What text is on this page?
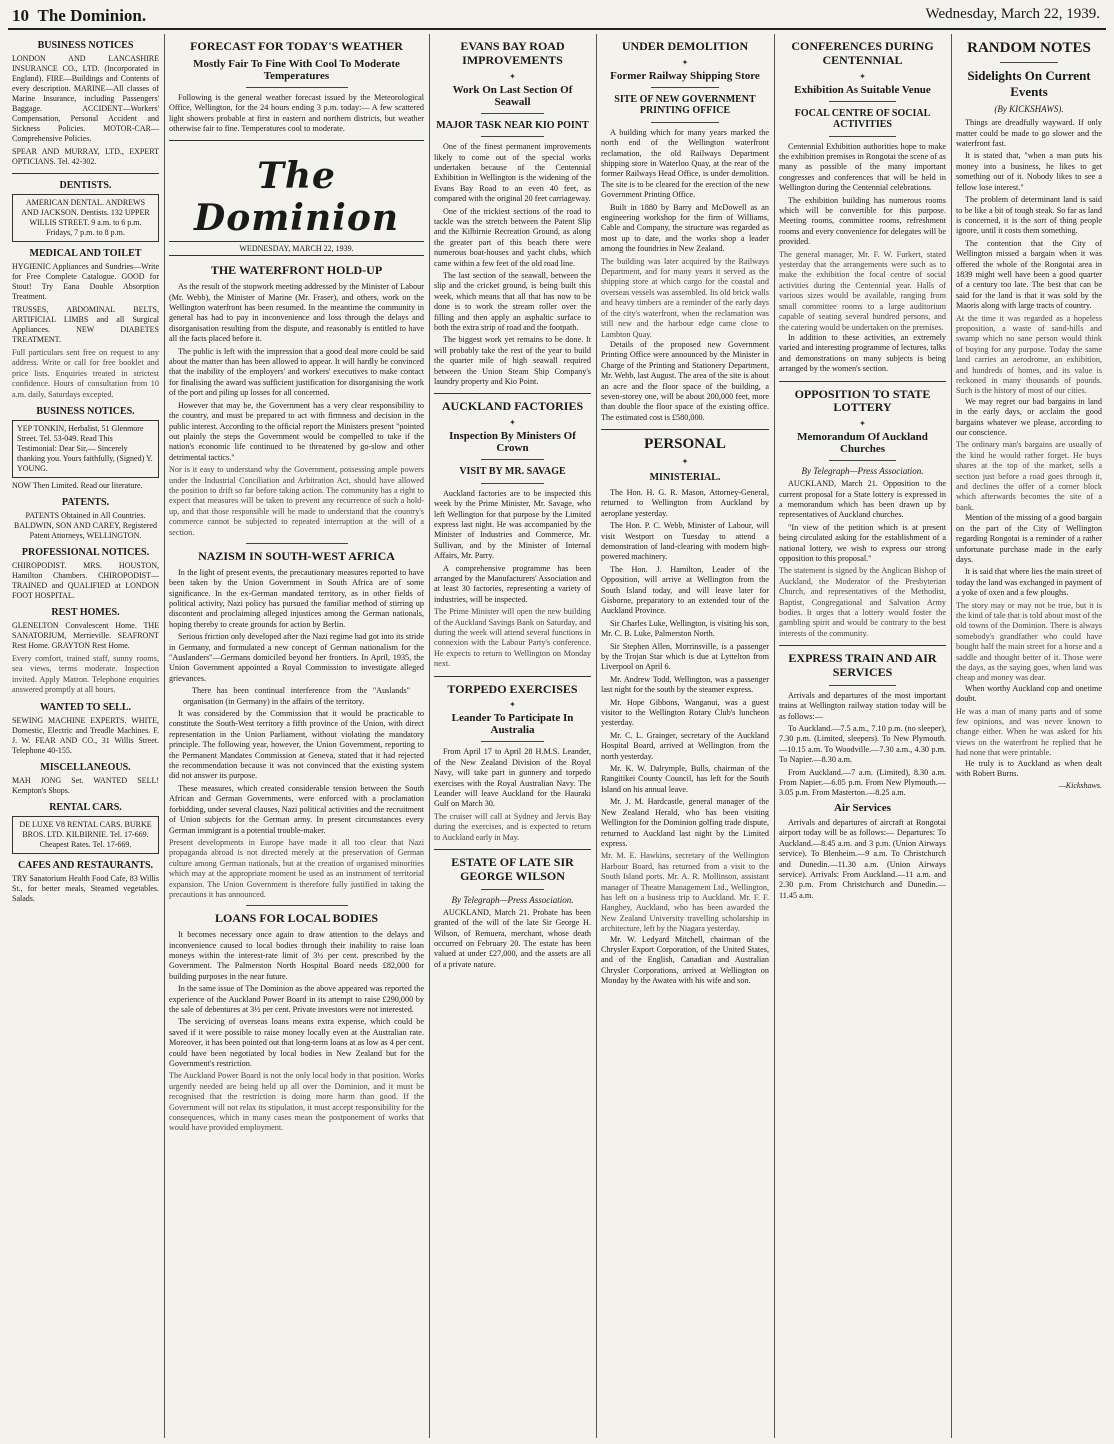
10 The Dominion.	Wednesday, March 22, 1939.
BUSINESS NOTICES
LONDON AND LANCASHIRE INSURANCE CO., LTD. (Incorporated in England). FIRE—Buildings and Contents of every description. MARINE—All classes of Marine Insurance, including Passengers' Baggage. ACCIDENT—Workers' Compensation, Personal Accident and Sickness Policies. MOTOR-CAR—Comprehensive Policies.
SPEAR AND MURRAY, LTD., EXPERT OPTICIANS. Tel. 42-302.
DENTISTS.
AMERICAN DENTAL. ANDREWS AND JACKSON. Dentists. 132 UPPER WILLIS STREET. 9 a.m. to 6 p.m. Fridays, 7 p.m. to 8 p.m.
MEDICAL AND TOILET
HYGIENIC Appliances and Sundries—Write for Free Complete Catalogue. GOOD for Stout! Try Eana Double Absorption Treatment.
TRUSSES, ABDOMINAL BELTS, ARTIFICIAL LIMBS and all Surgical Appliances. NEW DIABETES TREATMENT.
Full particulars sent free on request to any address. Write or call for free booklet and price lists. Enquiries treated in strictest confidence. Hours of consultation from 10 a.m. daily, Saturdays excepted.
BUSINESS NOTICES.
YEP TONKIN, Herbalist, 51 Glenmore Street. Tel. 53-049. Read This Testimonial: Dear Sir,— Sincerely thanking you. Yours faithfully, (Signed) Y. YOUNG.
NOW Then Limited. Read our literature.
PATENTS.
PATENTS Obtained in All Countries. BALDWIN, SON AND CAREY, Registered Patent Attorneys, WELLINGTON.
PROFESSIONAL NOTICES.
CHIROPODIST. MRS. HOUSTON, Hamilton Chambers. CHIROPODIST—TRAINED and QUALIFIED at LONDON FOOT HOSPITAL.
REST HOMES.
GLENELTON Convalescent Home. THE SANATORIUM, Merrieville. SEAFRONT Rest Home. GRAYTON Rest Home.
Every comfort, trained staff, sunny rooms, sea views, terms moderate. Inspection invited. Apply Matron. Telephone enquiries answered promptly at all hours.
WANTED TO SELL.
SEWING MACHINE EXPERTS. WHITE, Domestic, Electric and Treadle Machines. F. J. W. FEAR AND CO., 31 Willis Street. Telephone 40-155.
MISCELLANEOUS.
MAH JONG Set. WANTED SELL! Kempton's Shops.
RENTAL CARS.
DE LUXE V8 RENTAL CARS. BURKE BROS. LTD. KILBIRNIE. Tel. 17-669. Cheapest Rates. Tel. 17-669.
CAFES AND RESTAURANTS.
TRY Sanatorium Health Food Cafe, 83 Willis St., for better meals, Steamed vegetables. Salads.
FORECAST FOR TODAY'S WEATHER
Mostly Fair To Fine With Cool To Moderate Temperatures

Following is the general weather forecast issued by the Meteorological Office, Wellington, for the 24 hours ending 3 p.m. today:— A few scattered light showers probable at first in eastern and northern districts, but weather otherwise fair to fine. Temperatures cool to moderate.

The Dominion
WEDNESDAY, MARCH 22, 1939.
THE WATERFRONT HOLD-UP

As the result of the stopwork meeting addressed by the Minister of Labour (Mr. Webb), the Minister of Marine (Mr. Fraser), and others, work on the Wellington waterfront has been resumed. In the meantime the community in general has had to pay in inconvenience and loss through the delays and disorganisation resulting from the dispute, and reasonably is entitled to have all the facts placed before it.

The public is left with the impression that a good deal more could be said about the matter than has been allowed to appear. It will hardly be convinced that the inability of the employers' and workers' executives to make contact for finalising the award was sufficient justification for disorganising the work of the port and piling up losses for all concerned.

However that may be, the Government has a very clear responsibility to the country, and must be prepared to act with firmness and decision in the public interest. According to the official report the Ministers present "pointed out plainly the steps the Government would be compelled to take if the nation's economic life continued to be threatened by go-slow and other detrimental tactics."

Nor is it easy to understand why the Government, possessing ample powers under the Industrial Conciliation and Arbitration Act, should have allowed the position to drift so far before taking action. The community has a right to expect that measures will be taken to prevent any recurrence of such a hold-up, and that those responsible will be made to understand that the country's commerce cannot be subjected to repeated interruption at the will of a section.
NAZISM IN SOUTH-WEST AFRICA

In the light of present events, the precautionary measures reported to have been taken by the Union Government in South Africa are of some significance. In the ex-German mandated territory, as in other fields of political activity, Nazi policy has pursued the familiar method of stirring up discontent and proclaiming alleged injustices among the German nationals, hoping thereby to create grounds for action by Berlin.

Serious friction only developed after the Nazi regime had got into its stride in Germany, and formulated a new concept of German nationalism for the "Auslanders"—Germans domiciled beyond her frontiers. In April, 1935, the Union Government appointed a Royal Commission to investigate alleged grievances.

There has been continual interference from the "Auslands" organisation (in Germany) in the affairs of the territory.

It was considered by the Commission that it would be practicable to constitute the South-West territory a fifth province of the Union, with direct representation in the Union Parliament, without violating the mandatory principle. The following year, however, the Union Government, reporting to the Permanent Mandates Commission at Geneva, stated that it had rejected the recommendation because it was not convinced that the existing system did not answer its purpose.

These measures, which created considerable tension between the South African and German Governments, were enforced with a proclamation forbidding, under several clauses, Nazi political activities and the recruitment of Union subjects for the German army. In present circumstances every German immigrant is a potential trouble-maker.

Present developments in Europe have made it all too clear that Nazi propaganda abroad is not directed merely at the preservation of German culture among German nationals, but at the creation of organised minorities which may at the appropriate moment be used as an instrument of territorial expansion. The Union Government is therefore fully justified in taking the precautions it has announced.
LOANS FOR LOCAL BODIES

It becomes necessary once again to draw attention to the delays and inconvenience caused to local bodies through their inability to raise loan moneys within the interest-rate limit of 3½ per cent. prescribed by the Government. The Palmerston North Hospital Board needs £82,000 for building purposes in the near future.

In the same issue of The Dominion as the above appeared was reported the experience of the Auckland Power Board in its attempt to raise £290,000 by the sale of debentures at 3½ per cent. Private investors were not interested.

The servicing of overseas loans means extra expense, which could be saved if it were possible to raise money locally even at the Australian rate. Moreover, it has been pointed out that long-term loans at as low as 4 per cent. could have been negotiated by local bodies in New Zealand but for the Government's restriction.

The Auckland Power Board is not the only local body in that position. Works urgently needed are being held up all over the Dominion, and it must be recognised that the restriction is doing more harm than good. If the Government will not relax its stipulation, it must accept responsibility for the consequences, which in many cases mean the postponement of works that would have provided employment.
EVANS BAY ROAD IMPROVEMENTS
✦
Work On Last Section Of Seawall
MAJOR TASK NEAR KIO POINT

One of the finest permanent improvements likely to come out of the special works undertaken because of the Centennial Exhibition in Wellington is the widening of the Evans Bay Road to an even 40 feet, as compared with the original 20 feet carriageway.

One of the trickiest sections of the road to tackle was the stretch between the Patent Slip and the Kilbirnie Recreation Ground, as along the greater part of this beach there were numerous boat-houses and yacht clubs, which came within a few feet of the old road line.

The last section of the seawall, between the slip and the cricket ground, is being built this week, which means that all that has now to be done is to work the stream roller over the filling and then apply an asphaltic surface to both the extra strip of road and the footpath.

The biggest work yet remains to be done. It will probably take the rest of the year to build the quarter mile of high seawall required between the Union Steam Ship Company's laundry property and Kio Point.

AUCKLAND FACTORIES
✦
Inspection By Ministers Of Crown
VISIT BY MR. SAVAGE

Auckland factories are to be inspected this week by the Prime Minister, Mr. Savage, who left Wellington for that purpose by the Limited express last night. He was accompanied by the Minister of Industries and Commerce, Mr. Sullivan, and by the Minister of Internal Affairs, Mr. Parry.

A comprehensive programme has been arranged by the Manufacturers' Association and at least 30 factories, representing a variety of industries, will be inspected.

The Prime Minister will open the new building of the Auckland Savings Bank on Saturday, and during the week will attend several functions in connexion with the Labour Party's conference. He expects to return to Wellington on Monday next.
TORPEDO EXERCISES
✦
Leander To Participate In Australia

From April 17 to April 28 H.M.S. Leander, of the New Zealand Division of the Royal Navy, will take part in gunnery and torpedo exercises with the Royal Australian Navy. The Leander will leave Auckland for the Hauraki Gulf on March 30.

The cruiser will call at Sydney and Jervis Bay during the exercises, and is expected to return to Auckland early in May.
ESTATE OF LATE SIR GEORGE WILSON
By Telegraph—Press Association.

AUCKLAND, March 21. Probate has been granted of the will of the late Sir George H. Wilson, of Remuera, merchant, whose death occurred on February 20. The estate has been valued at under £27,000, and the assets are all of a private nature.

UNDER DEMOLITION
✦
Former Railway Shipping Store
SITE OF NEW GOVERNMENT PRINTING OFFICE

A building which for many years marked the north end of the Wellington waterfront reclamation, the old Railways Department shipping store in Waterloo Quay, at the rear of the former Railways Head Office, is under demolition. The site is to be cleared for the erection of the new Government Printing Office.

Built in 1880 by Barry and McDowell as an engineering workshop for the firm of Williams, Cable and Company, the structure was regarded as most up to date, and the works shop a leader among the foundries in New Zealand.

The building was later acquired by the Railways Department, and for many years it served as the shipping store at which cargo for the coastal and overseas vessels was assembled. Its old brick walls and heavy timbers are a reminder of the early days of the city's waterfront, when the reclamation was still new and the harbour edge came close to Lambton Quay.

Details of the proposed new Government Printing Office were announced by the Minister in Charge of the Printing and Stationery Department, Mr. Webb, last August. The area of the site is about an acre and the floor space of the building, a seven-storey one, will be about 200,000 feet, more than double the floor space of the existing office. The estimated cost is £580,000.

PERSONAL
✦
MINISTERIAL.

The Hon. H. G. R. Mason, Attorney-General, returned to Wellington from Auckland by aeroplane yesterday.

The Hon. P. C. Webb, Minister of Labour, will visit Westport on Tuesday to attend a demonstration of land-clearing with modern high-powered machinery.

The Hon. J. Hamilton, Leader of the Opposition, will arrive at Wellington from the South Island today, and will leave later for Gisborne, preparatory to an extended tour of the Auckland Province.

Sir Charles Luke, Wellington, is visiting his son, Mr. C. B. Luke, Palmerston North.

Sir Stephen Allen, Morrinsville, is a passenger by the Trojan Star which is due at Lyttelton from Liverpool on April 6.

Mr. Andrew Todd, Wellington, was a passenger last night for the south by the steamer express.

Mr. Hope Gibbons, Wanganui, was a guest visitor to the Wellington Rotary Club's luncheon yesterday.

Mr. C. L. Grainger, secretary of the Auckland Hospital Board, arrived at Wellington from the north yesterday.

Mr. K. W. Dalrymple, Bulls, chairman of the Rangitikei County Council, has left for the South Island on his annual leave.

Mr. J. M. Hardcastle, general manager of the New Zealand Herald, who has been visiting Wellington for the Dominion golfing trade dispute, returned to Auckland last night by the Limited express.

Mr. M. E. Hawkins, secretary of the Wellington Harbour Board, has returned from a visit to the South Island ports. Mr. A. R. Mollinson, assistant manager of Theatre Management Ltd., Wellington, has left on a business trip to Auckland. Mr. F. F. Hanghey, Auckland, who has been awarded the New Zealand University travelling scholarship in architecture, left by the Niagara yesterday.

Mr. W. Ledyard Mitchell, chairman of the Chrysler Export Corporation, of the United States, and of the English, Canadian and Australian Chrysler Corporations, arrived at Wellington on Monday by the Awatea with his wife and son.

CONFERENCES DURING CENTENNIAL
✦
Exhibition As Suitable Venue
FOCAL CENTRE OF SOCIAL ACTIVITIES

Centennial Exhibition authorities hope to make the exhibition premises in Rongotai the scene of as many as possible of the many important congresses and conferences that will be held in Wellington during the Centennial celebrations.

The exhibition building has numerous rooms which will be convertible for this purpose. Meeting rooms, committee rooms, refreshment rooms and every convenience for delegates will be provided.

The general manager, Mr. F. W. Furkert, stated yesterday that the arrangements were such as to make the exhibition the focal centre of social activities during the Centennial year. Halls of various sizes would be available, ranging from small committee rooms to a large auditorium capable of seating several hundred persons, and the catering would be undertaken on the premises.

In addition to these activities, an extremely varied and interesting programme of lectures, talks and demonstrations on many subjects is being arranged by the women's section.

OPPOSITION TO STATE LOTTERY
✦
Memorandum Of Auckland Churches
By Telegraph—Press Association.

AUCKLAND, March 21. Opposition to the current proposal for a State lottery is expressed in a memorandum which has been drawn up by representatives of Auckland churches.

"In view of the petition which is at present being circulated asking for the establishment of a national lottery, we wish to express our strong opposition to this proposal."

The statement is signed by the Anglican Bishop of Auckland, the Moderator of the Presbyterian Church, and representatives of the Methodist, Baptist, Congregational and Salvation Army bodies. It urges that a lottery would foster the gambling spirit and would be contrary to the best interests of the community.
EXPRESS TRAIN AND AIR SERVICES

Arrivals and departures of the most important trains at Wellington railway station today will be as follows:—

To Auckland.—7.5 a.m., 7.10 p.m. (no sleeper), 7.30 p.m. (Limited, sleepers). To New Plymouth.—10.15 a.m. To Woodville.—7.30 a.m., 4.30 p.m. To Napier.—8.30 a.m.

From Auckland.—7 a.m. (Limited), 8.30 a.m. From Napier.—6.05 p.m. From New Plymouth.—3.05 p.m. From Masterton.—8.25 a.m.

Air Services

Arrivals and departures of aircraft at Rongotai airport today will be as follows:— Departures: To Auckland.—8.45 a.m. and 3 p.m. (Union Airways service). To Blenheim.—9 a.m. To Christchurch and Dunedin.—11.30 a.m. (Union Airways service). Arrivals: From Auckland.—11 a.m. and 2.30 p.m. From Christchurch and Dunedin.—11.45 a.m.

RANDOM NOTES
Sidelights On Current Events
(By KICKSHAWS).

Things are dreadfully wayward. If only matter could be made to go slower and the waterfront fast.

It is stated that, "when a man puts his money into a business, he likes to get something out of it. Nobody likes to see a fellow lose interest."

The problem of determinant land is said to be like a bit of tough steak. So far as land is concerned, it is the sort of thing people ignore, until it costs them something.

The contention that the City of Wellington missed a bargain when it was offered the whole of the Rongotai area in 1839 might well have been a good quarter of a century too late. The best that can be said for the land is that it was sold by the Maoris along with large tracts of country.

At the time it was regarded as a hopeless proposition, a waste of sand-hills and swamp which no sane person would think of buying for any purpose. Today the same land carries an aerodrome, an exhibition, and hundreds of homes, and its value is reckoned in many thousands of pounds. Such is the history of most of our cities.

We may regret our bad bargains in land in the early days, or acclaim the good bargains whatever we please, according to our conscience.

The ordinary man's bargains are usually of the kind he would rather forget. He buys shares at the top of the market, sells a section just before a road goes through it, and declines the offer of a corner block which afterwards becomes the site of a bank.

Mention of the missing of a good bargain on the part of the City of Wellington regarding Rongotai is a reminder of a rather unfortunate purchase made in the early days.

It is said that where lies the main street of today the land was exchanged in payment of a yoke of oxen and a few ploughs.

The story may or may not be true, but it is the kind of tale that is told about most of the old towns of the Dominion. There is always somebody's grandfather who could have bought half the main street for a horse and a saddle and thought better of it. Those were the days, as the saying goes, when land was cheap and money was dear.

When worthy Auckland cop and onetime doubt.

He was a man of many parts and of some few opinions, and was never known to change either. When he was asked for his views on the waterfront he replied that he had none that were printable.

He truly is to Auckland as when dealt with Robert Burns.

—Kickshaws.
